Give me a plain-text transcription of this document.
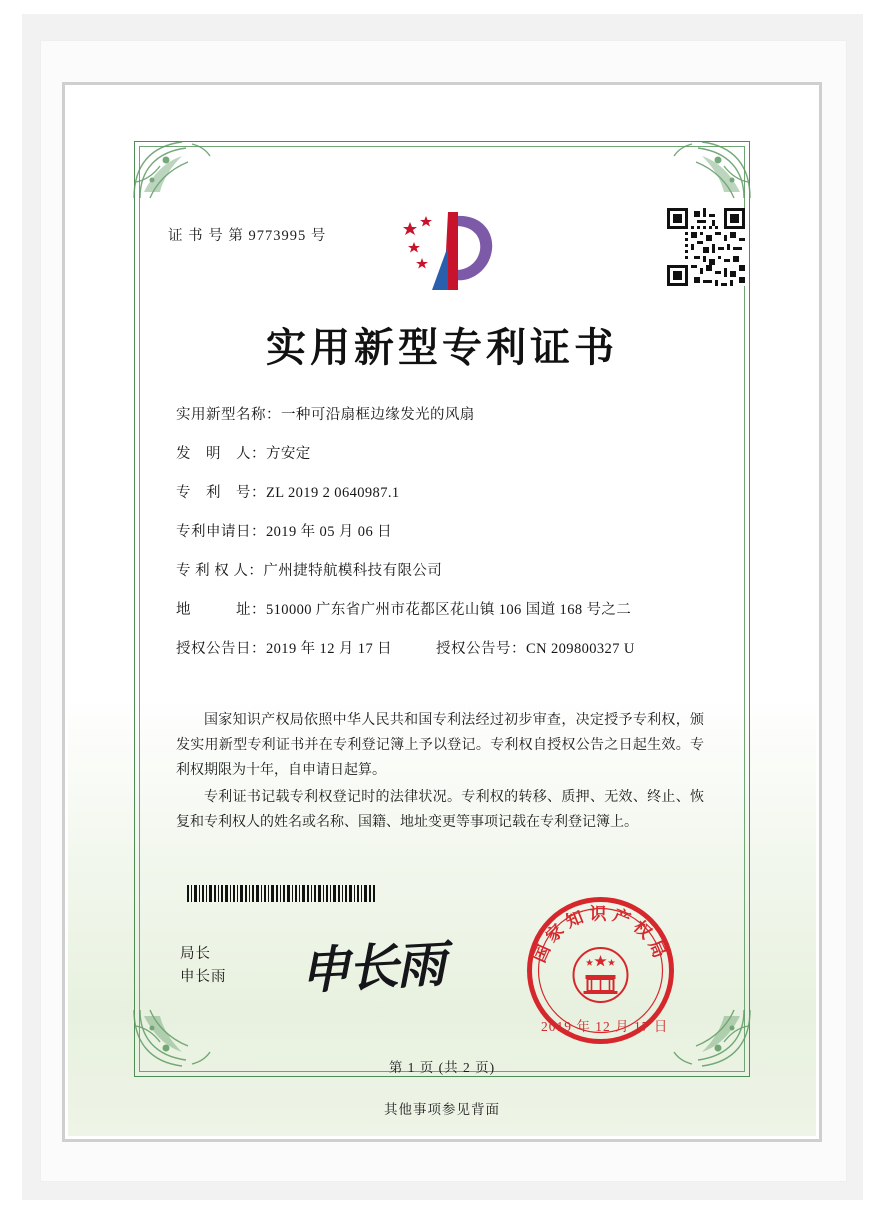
证 书 号 第 9773995 号
实用新型专利证书
实用新型名称： 一种可沿扇框边缘发光的风扇
发　明　人： 方安定
专　利　号： ZL 2019 2 0640987.1
专利申请日： 2019 年 05 月 06 日
专 利 权 人： 广州捷特航模科技有限公司
地　　　址： 510000 广东省广州市花都区花山镇 106 国道 168 号之二
授权公告日： 2019 年 12 月 17 日	授权公告号： CN 209800327 U

国家知识产权局依照中华人民共和国专利法经过初步审查，决定授予专利权，颁发实用新型专利证书并在专利登记簿上予以登记。专利权自授权公告之日起生效。专利权期限为十年，自申请日起算。

专利证书记载专利权登记时的法律状况。专利权的转移、质押、无效、终止、恢复和专利权人的姓名或名称、国籍、地址变更等事项记载在专利登记簿上。

局长
申长雨 申长雨	国家知识产权局
2019 年 12 月 17 日
第 1 页 (共 2 页)
其他事项参见背面
